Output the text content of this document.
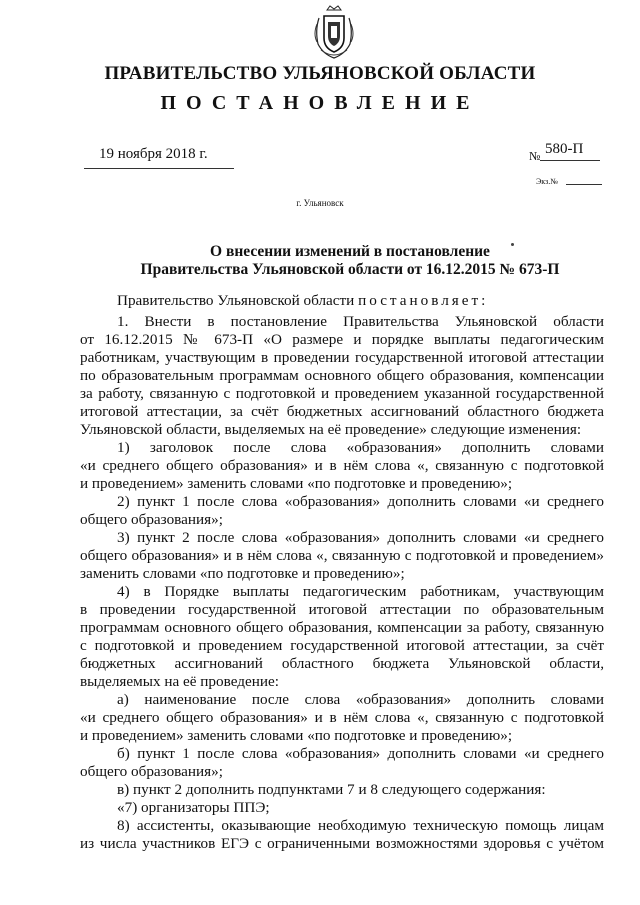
ПРАВИТЕЛЬСТВО УЛЬЯНОВСКОЙ ОБЛАСТИ
ПОСТАНОВЛЕНИЕ
19 ноября 2018 г.	№ 580-П
Экз.№
г. Ульяновск
О внесении изменений в постановление
Правительства Ульяновской области от 16.12.2015 № 673-П
Правительство Ульяновской области постановляет:
1. Внести в постановление Правительства Ульяновской области
от 16.12.2015 № 673-П «О размере и порядке выплаты педагогическим
работникам, участвующим в проведении государственной итоговой аттестации
по образовательным программам основного общего образования, компенсации
за работу, связанную с подготовкой и проведением указанной государственной
итоговой аттестации, за счёт бюджетных ассигнований областного бюджета
Ульяновской области, выделяемых на её проведение» следующие изменения:
1) заголовок после слова «образования» дополнить словами
«и среднего общего образования» и в нём слова «, связанную с подготовкой
и проведением» заменить словами «по подготовке и проведению»;
2) пункт 1 после слова «образования» дополнить словами «и среднего
общего образования»;
3) пункт 2 после слова «образования» дополнить словами «и среднего
общего образования» и в нём слова «, связанную с подготовкой и проведением»
заменить словами «по подготовке и проведению»;
4) в Порядке выплаты педагогическим работникам, участвующим
в проведении государственной итоговой аттестации по образовательным
программам основного общего образования, компенсации за работу, связанную
с подготовкой и проведением государственной итоговой аттестации, за счёт
бюджетных ассигнований областного бюджета Ульяновской области,
выделяемых на её проведение:
а) наименование после слова «образования» дополнить словами
«и среднего общего образования» и в нём слова «, связанную с подготовкой
и проведением» заменить словами «по подготовке и проведению»;
б) пункт 1 после слова «образования» дополнить словами «и среднего
общего образования»;
в) пункт 2 дополнить подпунктами 7 и 8 следующего содержания:
«7) организаторы ППЭ;
8) ассистенты, оказывающие необходимую техническую помощь лицам
из числа участников ЕГЭ с ограниченными возможностями здоровья с учётом
